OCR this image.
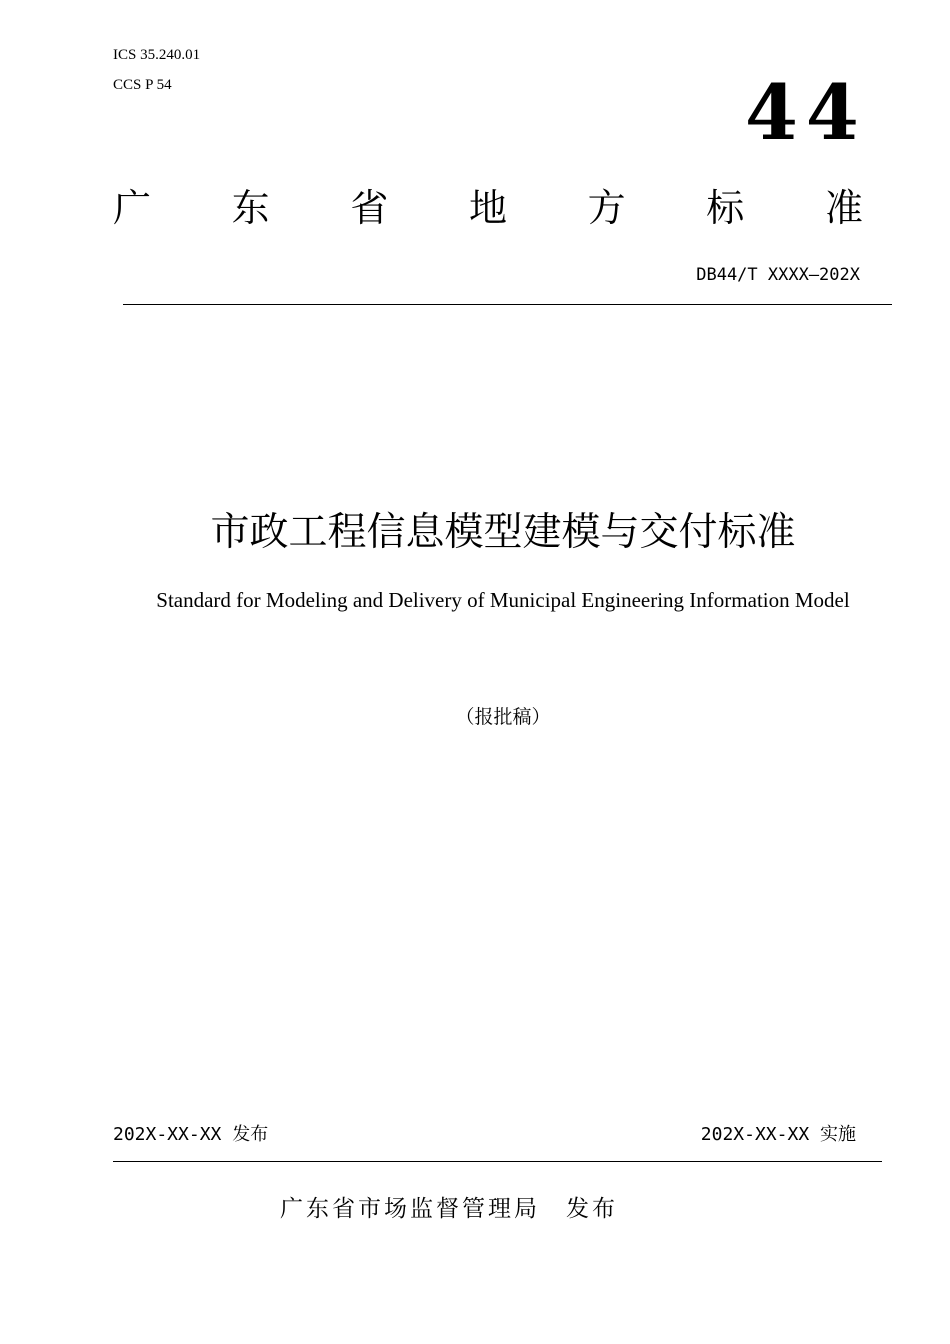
ICS 35.240.01
CCS P 54	44
广 东 省 地 方 标 准
DB44/T XXXX—202X
市政工程信息模型建模与交付标准
Standard for Modeling and Delivery of Municipal Engineering Information Model
（报批稿）
202X-XX-XX 发布	202X-XX-XX 实施
广东省市场监督管理局　发布
